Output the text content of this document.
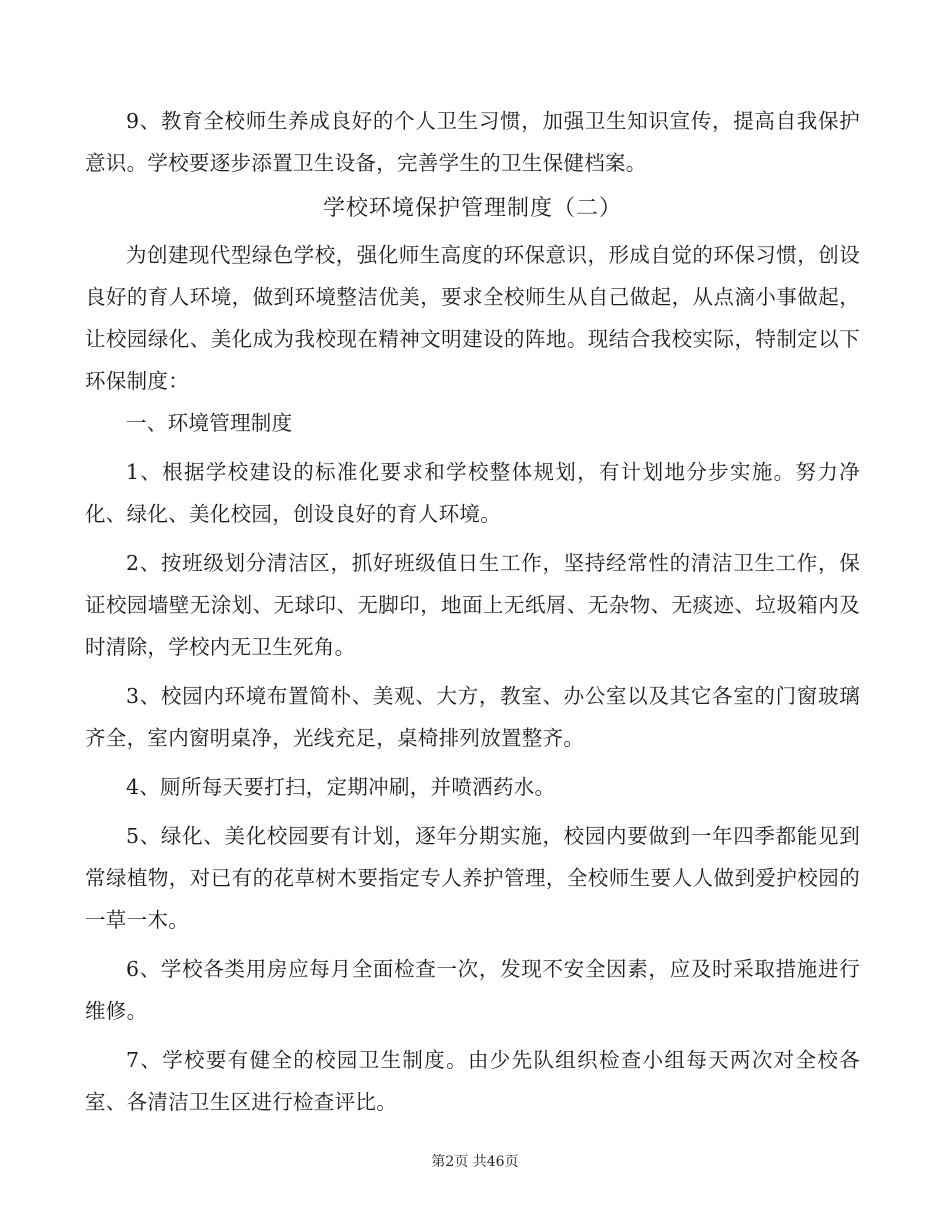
9、教育全校师生养成良好的个人卫生习惯，加强卫生知识宣传，提高自我保护意识。学校要逐步添置卫生设备，完善学生的卫生保健档案。

学校环境保护管理制度（二）

为创建现代型绿色学校，强化师生高度的环保意识，形成自觉的环保习惯，创设良好的育人环境，做到环境整洁优美，要求全校师生从自己做起，从点滴小事做起，让校园绿化、美化成为我校现在精神文明建设的阵地。现结合我校实际，特制定以下环保制度：

一、环境管理制度

1、根据学校建设的标准化要求和学校整体规划，有计划地分步实施。努力净化、绿化、美化校园，创设良好的育人环境。

2、按班级划分清洁区，抓好班级值日生工作，坚持经常性的清洁卫生工作，保证校园墙壁无涂划、无球印、无脚印，地面上无纸屑、无杂物、无痰迹、垃圾箱内及时清除，学校内无卫生死角。

3、校园内环境布置简朴、美观、大方，教室、办公室以及其它各室的门窗玻璃齐全，室内窗明桌净，光线充足，桌椅排列放置整齐。

4、厕所每天要打扫，定期冲刷，并喷洒药水。

5、绿化、美化校园要有计划，逐年分期实施，校园内要做到一年四季都能见到常绿植物，对已有的花草树木要指定专人养护管理，全校师生要人人做到爱护校园的一草一木。

6、学校各类用房应每月全面检查一次，发现不安全因素，应及时采取措施进行维修。

7、学校要有健全的校园卫生制度。由少先队组织检查小组每天两次对全校各室、各清洁卫生区进行检查评比。

第2页 共46页
